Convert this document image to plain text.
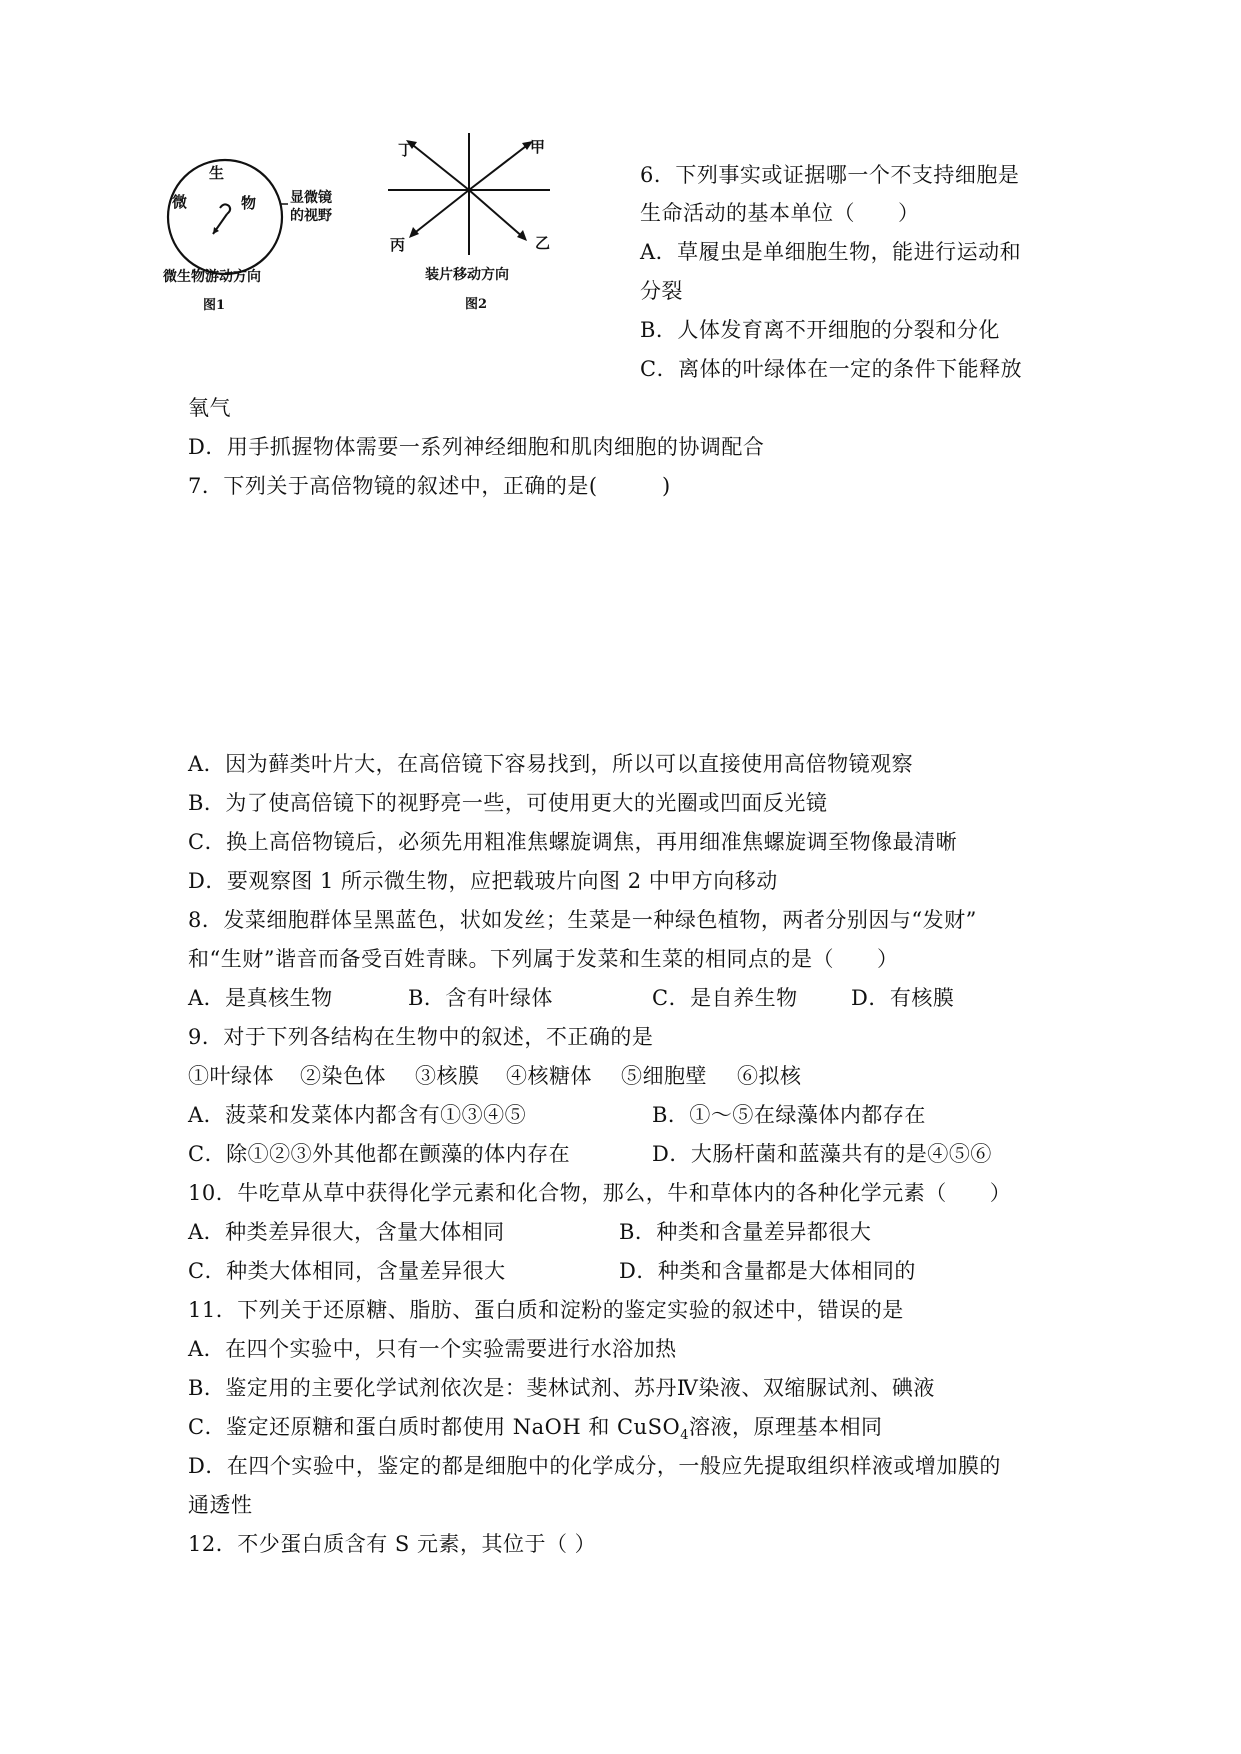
生
微	物 显微镜
的视野
微生物游动方向
图1
丁	甲
丙	乙
装片移动方向
图2
6．下列事实或证据哪一个不支持细胞是
生命活动的基本单位（　　）
A．草履虫是单细胞生物，能进行运动和
分裂
B．人体发育离不开细胞的分裂和分化
C．离体的叶绿体在一定的条件下能释放
氧气
D．用手抓握物体需要一系列神经细胞和肌肉细胞的协调配合
7．下列关于高倍物镜的叙述中，正确的是(　　　)
A．因为藓类叶片大，在高倍镜下容易找到，所以可以直接使用高倍物镜观察
B．为了使高倍镜下的视野亮一些，可使用更大的光圈或凹面反光镜
C．换上高倍物镜后，必须先用粗准焦螺旋调焦，再用细准焦螺旋调至物像最清晰
D．要观察图 1 所示微生物，应把载玻片向图 2 中甲方向移动
8．发菜细胞群体呈黑蓝色，状如发丝；生菜是一种绿色植物，两者分别因与“发财”
和“生财”谐音而备受百姓青睐。下列属于发菜和生菜的相同点的是（　　）
A．是真核生物	B．含有叶绿体	C．是自养生物	D．有核膜
9．对于下列各结构在生物中的叙述，不正确的是
①叶绿体 ②染色体 ③核膜 ④核糖体 ⑤细胞壁 ⑥拟核
A．菠菜和发菜体内都含有①③④⑤	B．①～⑤在绿藻体内都存在
C．除①②③外其他都在颤藻的体内存在	D．大肠杆菌和蓝藻共有的是④⑤⑥
10．牛吃草从草中获得化学元素和化合物，那么，牛和草体内的各种化学元素（　　）
A．种类差异很大，含量大体相同	B．种类和含量差异都很大
C．种类大体相同，含量差异很大	D．种类和含量都是大体相同的
11．下列关于还原糖、脂肪、蛋白质和淀粉的鉴定实验的叙述中，错误的是
A．在四个实验中，只有一个实验需要进行水浴加热
B．鉴定用的主要化学试剂依次是：斐林试剂、苏丹Ⅳ染液、双缩脲试剂、碘液
C．鉴定还原糖和蛋白质时都使用 NaOH 和 CuSO$_4$溶液，原理基本相同
D．在四个实验中，鉴定的都是细胞中的化学成分，一般应先提取组织样液或增加膜的
通透性
12．不少蛋白质含有 S 元素，其位于（ ）
